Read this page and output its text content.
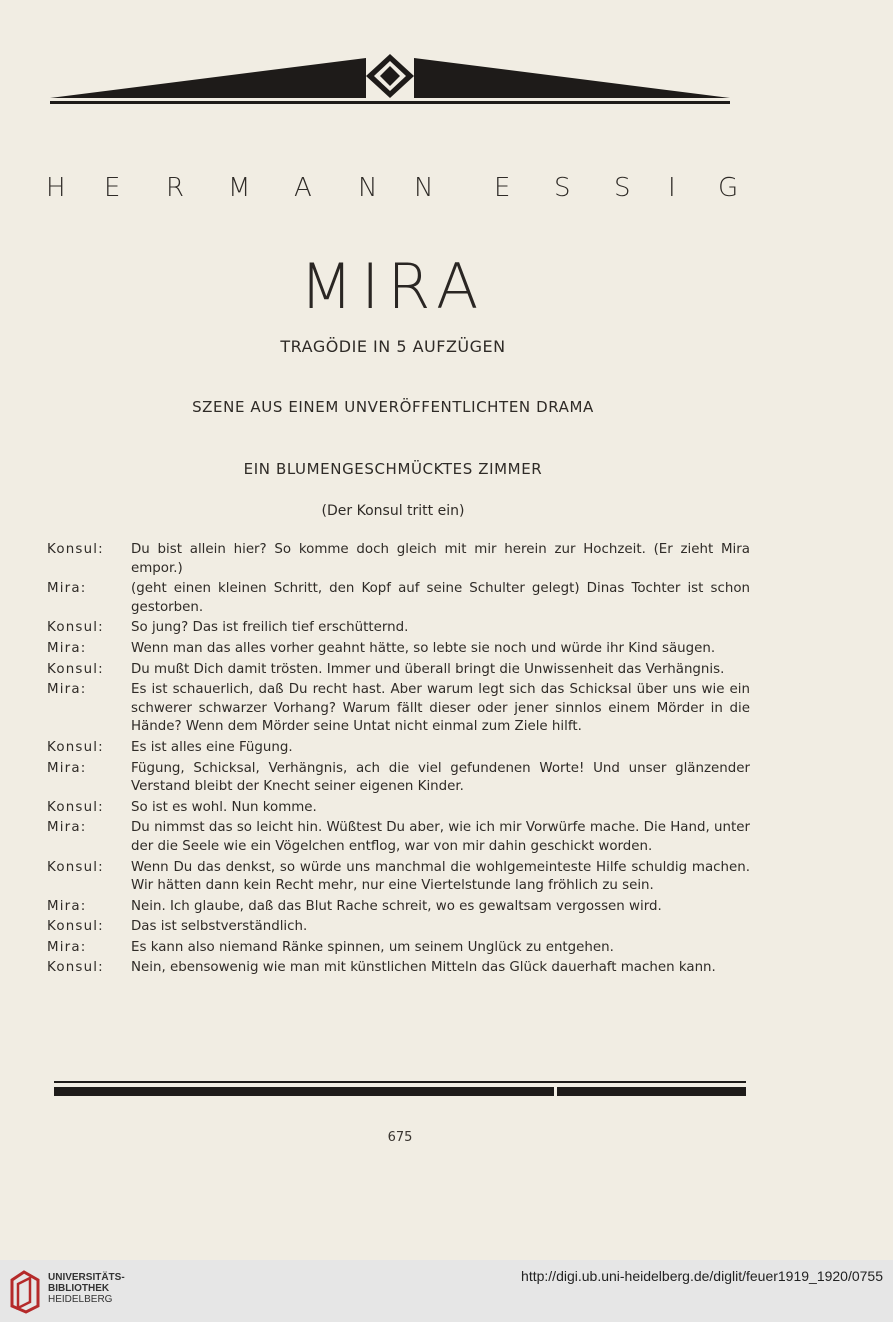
H E R M A N N E S S I G
MIRA
TRAGÖDIE IN 5 AUFZÜGEN
SZENE AUS EINEM UNVERÖFFENTLICHTEN DRAMA
EIN BLUMENGESCHMÜCKTES ZIMMER
(Der Konsul tritt ein)
Konsul:	Du bist allein hier? So komme doch gleich mit mir herein zur Hochzeit. (Er zieht Mira empor.)
Mira:	(geht einen kleinen Schritt, den Kopf auf seine Schulter gelegt) Dinas Tochter ist schon gestorben.
Konsul:	So jung? Das ist freilich tief erschütternd.
Mira:	Wenn man das alles vorher geahnt hätte, so lebte sie noch und würde ihr Kind säugen.
Konsul:	Du mußt Dich damit trösten. Immer und überall bringt die Unwissenheit das Verhängnis.
Mira:	Es ist schauerlich, daß Du recht hast. Aber warum legt sich das Schicksal über uns wie ein schwerer schwarzer Vorhang? Warum fällt dieser oder jener sinnlos einem Mörder in die Hände? Wenn dem Mörder seine Untat nicht einmal zum Ziele hilft.
Konsul:	Es ist alles eine Fügung.
Mira:	Fügung, Schicksal, Verhängnis, ach die viel gefundenen Worte! Und unser glänzender Verstand bleibt der Knecht seiner eigenen Kinder.
Konsul:	So ist es wohl. Nun komme.
Mira:	Du nimmst das so leicht hin. Wüßtest Du aber, wie ich mir Vorwürfe mache. Die Hand, unter der die Seele wie ein Vögelchen entflog, war von mir dahin geschickt worden.
Konsul:	Wenn Du das denkst, so würde uns manchmal die wohlgemeinteste Hilfe schuldig machen. Wir hätten dann kein Recht mehr, nur eine Viertelstunde lang fröhlich zu sein.
Mira:	Nein. Ich glaube, daß das Blut Rache schreit, wo es gewaltsam vergossen wird.
Konsul:	Das ist selbstverständlich.
Mira:	Es kann also niemand Ränke spinnen, um seinem Unglück zu entgehen.
Konsul:	Nein, ebensowenig wie man mit künstlichen Mitteln das Glück dauerhaft machen kann.
675
UNIVERSITÄTS-
BIBLIOTHEK
HEIDELBERG
http://digi.ub.uni-heidelberg.de/diglit/feuer1919_1920/0755
